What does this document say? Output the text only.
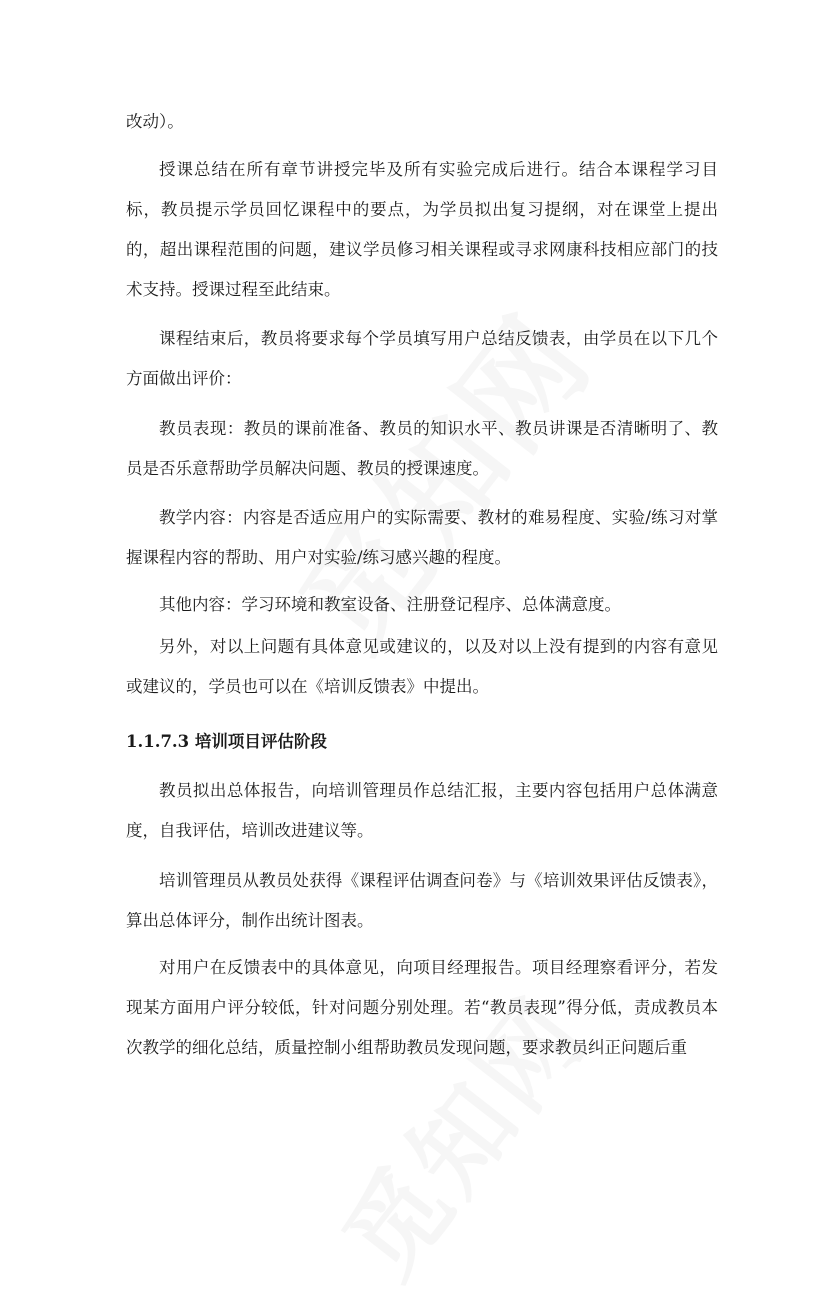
改动）。

授课总结在所有章节讲授完毕及所有实验完成后进行。结合本课程学习目标，教员提示学员回忆课程中的要点，为学员拟出复习提纲，对在课堂上提出的，超出课程范围的问题，建议学员修习相关课程或寻求网康科技相应部门的技术支持。授课过程至此结束。

课程结束后，教员将要求每个学员填写用户总结反馈表，由学员在以下几个方面做出评价：

教员表现：教员的课前准备、教员的知识水平、教员讲课是否清晰明了、教员是否乐意帮助学员解决问题、教员的授课速度。

教学内容：内容是否适应用户的实际需要、教材的难易程度、实验/练习对掌握课程内容的帮助、用户对实验/练习感兴趣的程度。

其他内容：学习环境和教室设备、注册登记程序、总体满意度。

另外，对以上问题有具体意见或建议的，以及对以上没有提到的内容有意见或建议的，学员也可以在《培训反馈表》中提出。

1.1.7.3 培训项目评估阶段

教员拟出总体报告，向培训管理员作总结汇报，主要内容包括用户总体满意度，自我评估，培训改进建议等。

培训管理员从教员处获得《课程评估调查问卷》与《培训效果评估反馈表》，算出总体评分，制作出统计图表。

对用户在反馈表中的具体意见，向项目经理报告。项目经理察看评分，若发现某方面用户评分较低，针对问题分别处理。若“教员表现”得分低，责成教员本次教学的细化总结，质量控制小组帮助教员发现问题，要求教员纠正问题后重
